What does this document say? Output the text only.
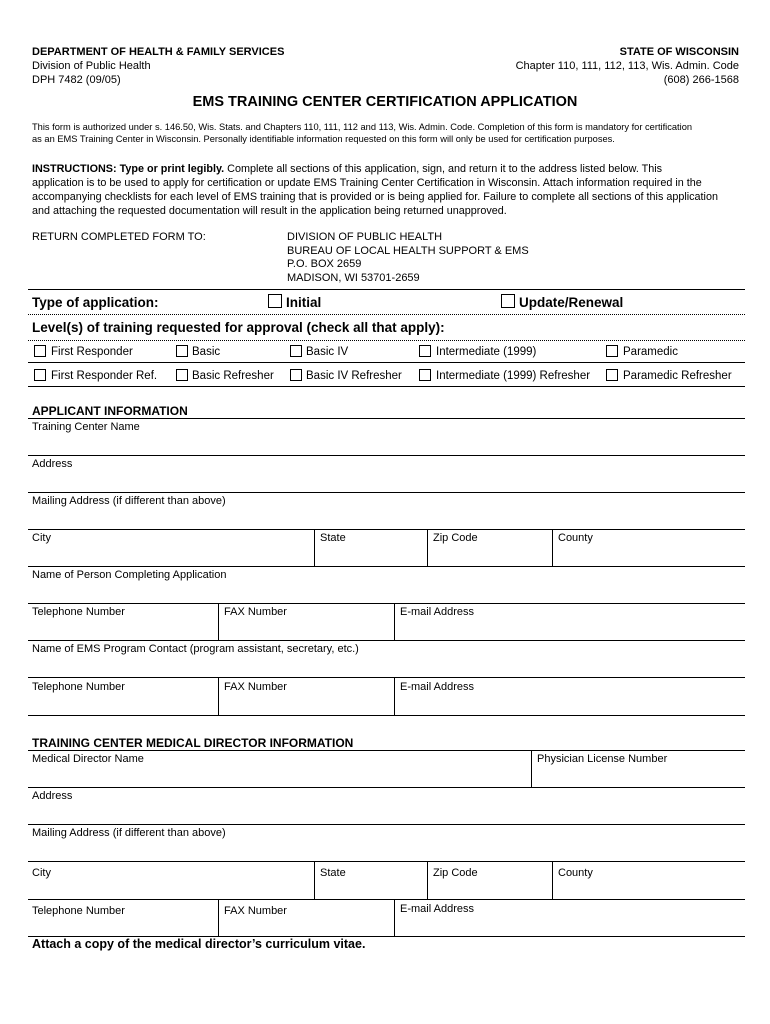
DEPARTMENT OF HEALTH & FAMILY SERVICES
Division of Public Health
DPH 7482 (09/05)
STATE OF WISCONSIN
Chapter 110, 111, 112, 113, Wis. Admin. Code
(608) 266-1568
EMS TRAINING CENTER CERTIFICATION APPLICATION
This form is authorized under s. 146.50, Wis. Stats. and Chapters 110, 111, 112 and 113, Wis. Admin. Code. Completion of this form is mandatory for certification
as an EMS Training Center in Wisconsin. Personally identifiable information requested on this form will only be used for certification purposes.
INSTRUCTIONS: Type or print legibly. Complete all sections of this application, sign, and return it to the address listed below. This
application is to be used to apply for certification or update EMS Training Center Certification in Wisconsin. Attach information required in the
accompanying checklists for each level of EMS training that is provided or is being applied for. Failure to complete all sections of this application
and attaching the requested documentation will result in the application being returned unapproved.
RETURN COMPLETED FORM TO:	DIVISION OF PUBLIC HEALTH
BUREAU OF LOCAL HEALTH SUPPORT & EMS
P.O. BOX 2659
MADISON, WI 53701-2659
Type of application:	Initial	Update/Renewal
Level(s) of training requested for approval (check all that apply):
First Responder	Basic	Basic IV	Intermediate (1999)	Paramedic
First Responder Ref.	Basic Refresher	Basic IV Refresher	Intermediate (1999) Refresher	Paramedic Refresher
APPLICANT INFORMATION
Training Center Name
Address
Mailing Address (if different than above)
City	State	Zip Code	County
Name of Person Completing Application
Telephone Number	FAX Number	E-mail Address
Name of EMS Program Contact (program assistant, secretary, etc.)
Telephone Number	FAX Number	E-mail Address
TRAINING CENTER MEDICAL DIRECTOR INFORMATION
Medical Director Name	Physician License Number
Address
Mailing Address (if different than above)
City	State	Zip Code	County
Telephone Number	FAX Number	E-mail Address
Attach a copy of the medical director’s curriculum vitae.
